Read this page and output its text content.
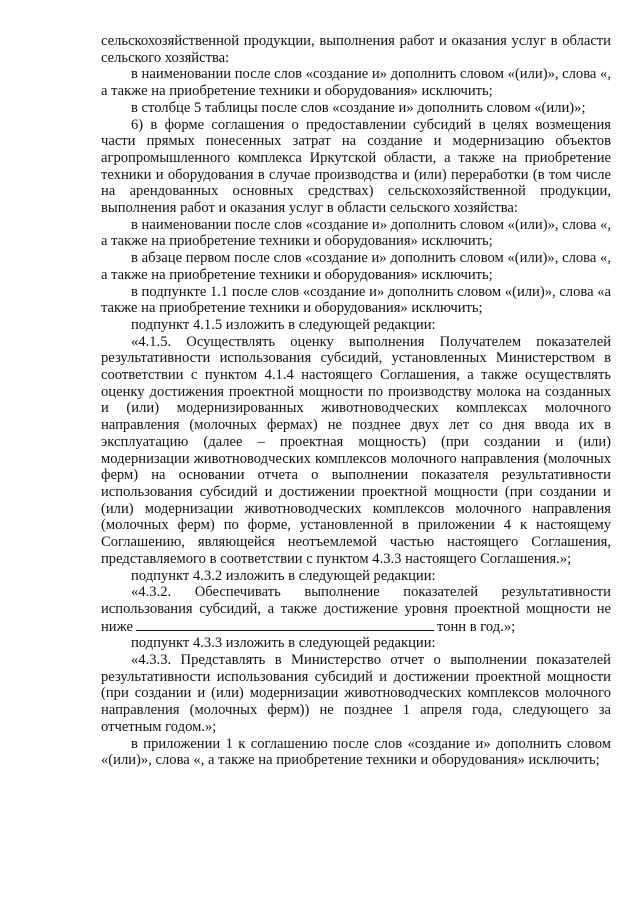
сельскохозяйственной продукции, выполнения работ и оказания услуг в области сельского хозяйства:

в наименовании после слов «создание и» дополнить словом «(или)», слова «, а также на приобретение техники и оборудования» исключить;

в столбце 5 таблицы после слов «создание и» дополнить словом «(или)»;

6) в форме соглашения о предоставлении субсидий в целях возмещения части прямых понесенных затрат на создание и модернизацию объектов агропромышленного комплекса Иркутской области, а также на приобретение техники и оборудования в случае производства и (или) переработки (в том числе на арендованных основных средствах) сельскохозяйственной продукции, выполнения работ и оказания услуг в области сельского хозяйства:

в наименовании после слов «создание и» дополнить словом «(или)», слова «, а также на приобретение техники и оборудования» исключить;

в абзаце первом после слов «создание и» дополнить словом «(или)», слова «, а также на приобретение техники и оборудования» исключить;

в подпункте 1.1 после слов «создание и» дополнить словом «(или)», слова «а также на приобретение техники и оборудования» исключить;

подпункт 4.1.5 изложить в следующей редакции:

«4.1.5. Осуществлять оценку выполнения Получателем показателей результативности использования субсидий, установленных Министерством в соответствии с пунктом 4.1.4 настоящего Соглашения, а также осуществлять оценку достижения проектной мощности по производству молока на созданных и (или) модернизированных животноводческих комплексах молочного направления (молочных фермах) не позднее двух лет со дня ввода их в эксплуатацию (далее – проектная мощность) (при создании и (или) модернизации животноводческих комплексов молочного направления (молочных ферм) на основании отчета о выполнении показателя результативности использования субсидий и достижении проектной мощности (при создании и (или) модернизации животноводческих комплексов молочного направления (молочных ферм) по форме, установленной в приложении 4 к настоящему Соглашению, являющейся неотъемлемой частью настоящего Соглашения, представляемого в соответствии с пунктом 4.3.3 настоящего Соглашения.»;

подпункт 4.3.2 изложить в следующей редакции:

«4.3.2. Обеспечивать выполнение показателей результативности использования субсидий, а также достижение уровня проектной мощности не ниже	тонн в год.»;

подпункт 4.3.3 изложить в следующей редакции:

«4.3.3. Представлять в Министерство отчет о выполнении показателей результативности использования субсидий и достижении проектной мощности (при создании и (или) модернизации животноводческих комплексов молочного направления (молочных ферм)) не позднее 1 апреля года, следующего за отчетным годом.»;

в приложении 1 к соглашению после слов «создание и» дополнить словом «(или)», слова «, а также на приобретение техники и оборудования» исключить;
